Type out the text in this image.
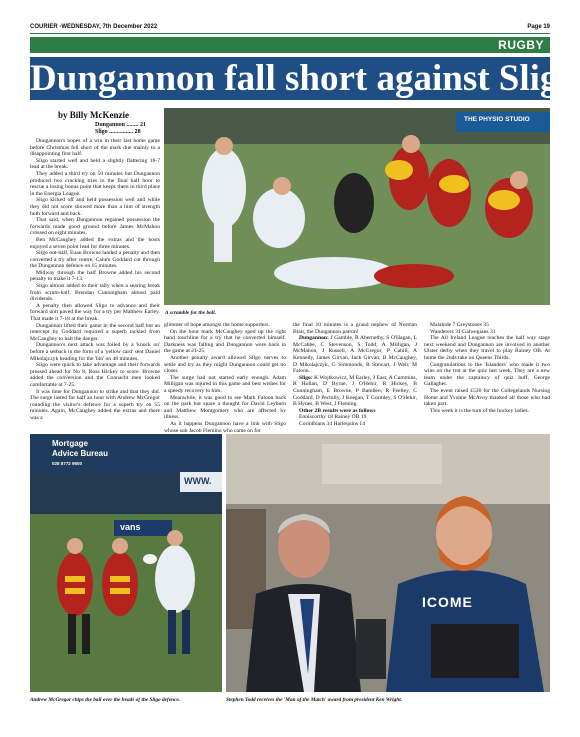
COURIER -WEDNESDAY, 7th December 2022	Page 19
RUGBY
Dungannon fall short against Sligo
by Billy McKenzie
Dungannon ........ 21
Sligo ................ 28

Dungannon's hopes of a win in their last home game before Christmas fell short of the mark due mainly to a disappointing first half.

Sligo started well and held a slightly flattering 18-7 lead at the break.

They added a third try on 50 minutes but Dungannon produced two cracking tries in the final half hour to rescue a losing bonus point that keeps them in third place in the Energia League.

Sligo kicked off and held possession well and while they did not score showed more than a hint of strength both forward and back.

That said, when Dungannon regained possession the forwards made good ground before James McMahon crossed on eight minutes.

Ben McCaughey added the extras and the hosts enjoyed a seven point lead for three minutes.

Sligo out-half, Euan Browne landed a penalty and then converted a try after centre, Calum Goddard cut through the Dungannon defence on 15 minutes.

Midway through the half Browne added his second penalty to make it 7-13.

Sligo almost added to their tally when a searing break from scrum-half, Brendan Cunningham almost paid dividends.

A penalty then allowed Sligo to advance and their forward unit paved the way for a try per Matthew Earley. That made it 7-18 at the break.

Dungannon lifted their game in the second half but an intercept by Goddard required a superb tackled from McCaughey to halt the danger.

Dungannon's next attack was foiled by a 'knock on' before a setback in the form of a 'yellow card' sent Daniel Mikolajczyk heading for the 'bin' on 48 minutes.

Sligo were quick to take advantage and their forwards pressed ahead for No 8, Ross Hickey to score. Browne added the conversion and the Connacht men looked comfortable at 7-25.

It was time for Dungannon to strike and that they did. The surge lasted for half an hour with Andrew McGregor rounding the visitor's defence for a superb try on 55 minutes. Again, McCaughey added the extras and there was a

THE PHYSIO STUDIO
A scramble for the ball.

glimmer of hope amongst the home supporters.

On the hour mark McCaughey sped up the right hand touchline for a try that he converted himself. Darkness was falling and Dungannon were back in the game at 21-25.

Another penalty award allowed Sligo nerves to settle and try as they might Dungannon could get no closer.

The surge had not started early enough. Adam Milligan was injured in this game and best wishes for a speedy recovery to him.

Meanwhile, it was good to see Mark Faloon back on the park but spare a thought for David Leyburn and Matthew Montgomery who are affected by illness.

As it happens Dungannon have a link with Sligo whose sub Jacob Fleming who came on for

the final 10 minutes is a grand nephew of Norman Blair, the Dungannon patron!

Dungannon: J Gamble, R Abernethy, S O'Hagan, L McCabbe, C Stevenson, S Todd, A Milligan, J McMahon, J Russell, A McGregor, P Cahill, A Kennedy, James Girvan, Jack Girvan, B McCaughey, D Mikolajczyk, G Simmonds, R Stewart, J Weir, M Faloon.

Sligo: K Wojtkowicz, M Earley, J East, A Cummins, R Hollan, D Byrne, J O'Hehir, R Hickey, B Cunningham, E Browne, P Bambeo, R Feeliey, C Goddard, D Pechilly, J Keegan, T Gormley, S O'Hehir, B Hynes, B West, J Fleming.

Other 2B results were as follows

Enniscorthy 18 Rainey OB 19

Corinthians 34 Harlequins 14

Malahide 7 Greystones 35

Wanderers 31 Galwegians 31

The All Ireland League reaches the half way stage next weekend and Dungannon are involved in another Ulster derby when they travel to play Rainey OB. At home the 2nds take on Queens Thirds.

Congratulations to the 'Islanders' who made it two wins on the trot at the quiz last week. They are a new team under the captaincy of quiz buff, George Gallagher.

The event raised £530 for the Collegelands Nursing Home and Yvonne McAvoy thanked all those who had taken part.

This week it is the turn of the hockey ladies.

Mortgage
Advice Bureau
028 8772 9600
WWW.
vans
Andrew McGregor chips the ball over the heads of the Sligo defence.
ICOME
Stephen Todd receives the 'Man of the Match' award from president Ken Wright.
